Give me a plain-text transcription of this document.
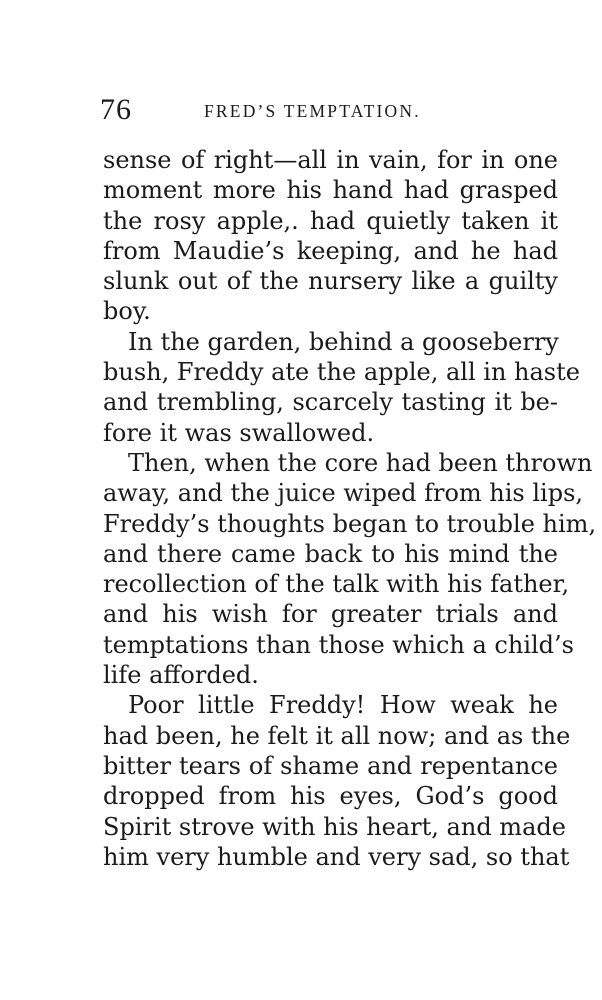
76	FRED’S TEMPTATION.
sense of right—all in vain, for in one
moment more his hand had grasped
the rosy apple,. had quietly taken it
from Maudie’s keeping, and he had
slunk out of the nursery like a guilty
boy.
In the garden, behind a gooseberry
bush, Freddy ate the apple, all in haste
and trembling, scarcely tasting it be-
fore it was swallowed.
Then, when the core had been thrown
away, and the juice wiped from his lips,
Freddy’s thoughts began to trouble him,
and there came back to his mind the
recollection of the talk with his father,
and his wish for greater trials and
temptations than those which a child’s
life afforded.
Poor little Freddy! How weak he
had been, he felt it all now; and as the
bitter tears of shame and repentance
dropped from his eyes, God’s good
Spirit strove with his heart, and made
him very humble and very sad, so that
